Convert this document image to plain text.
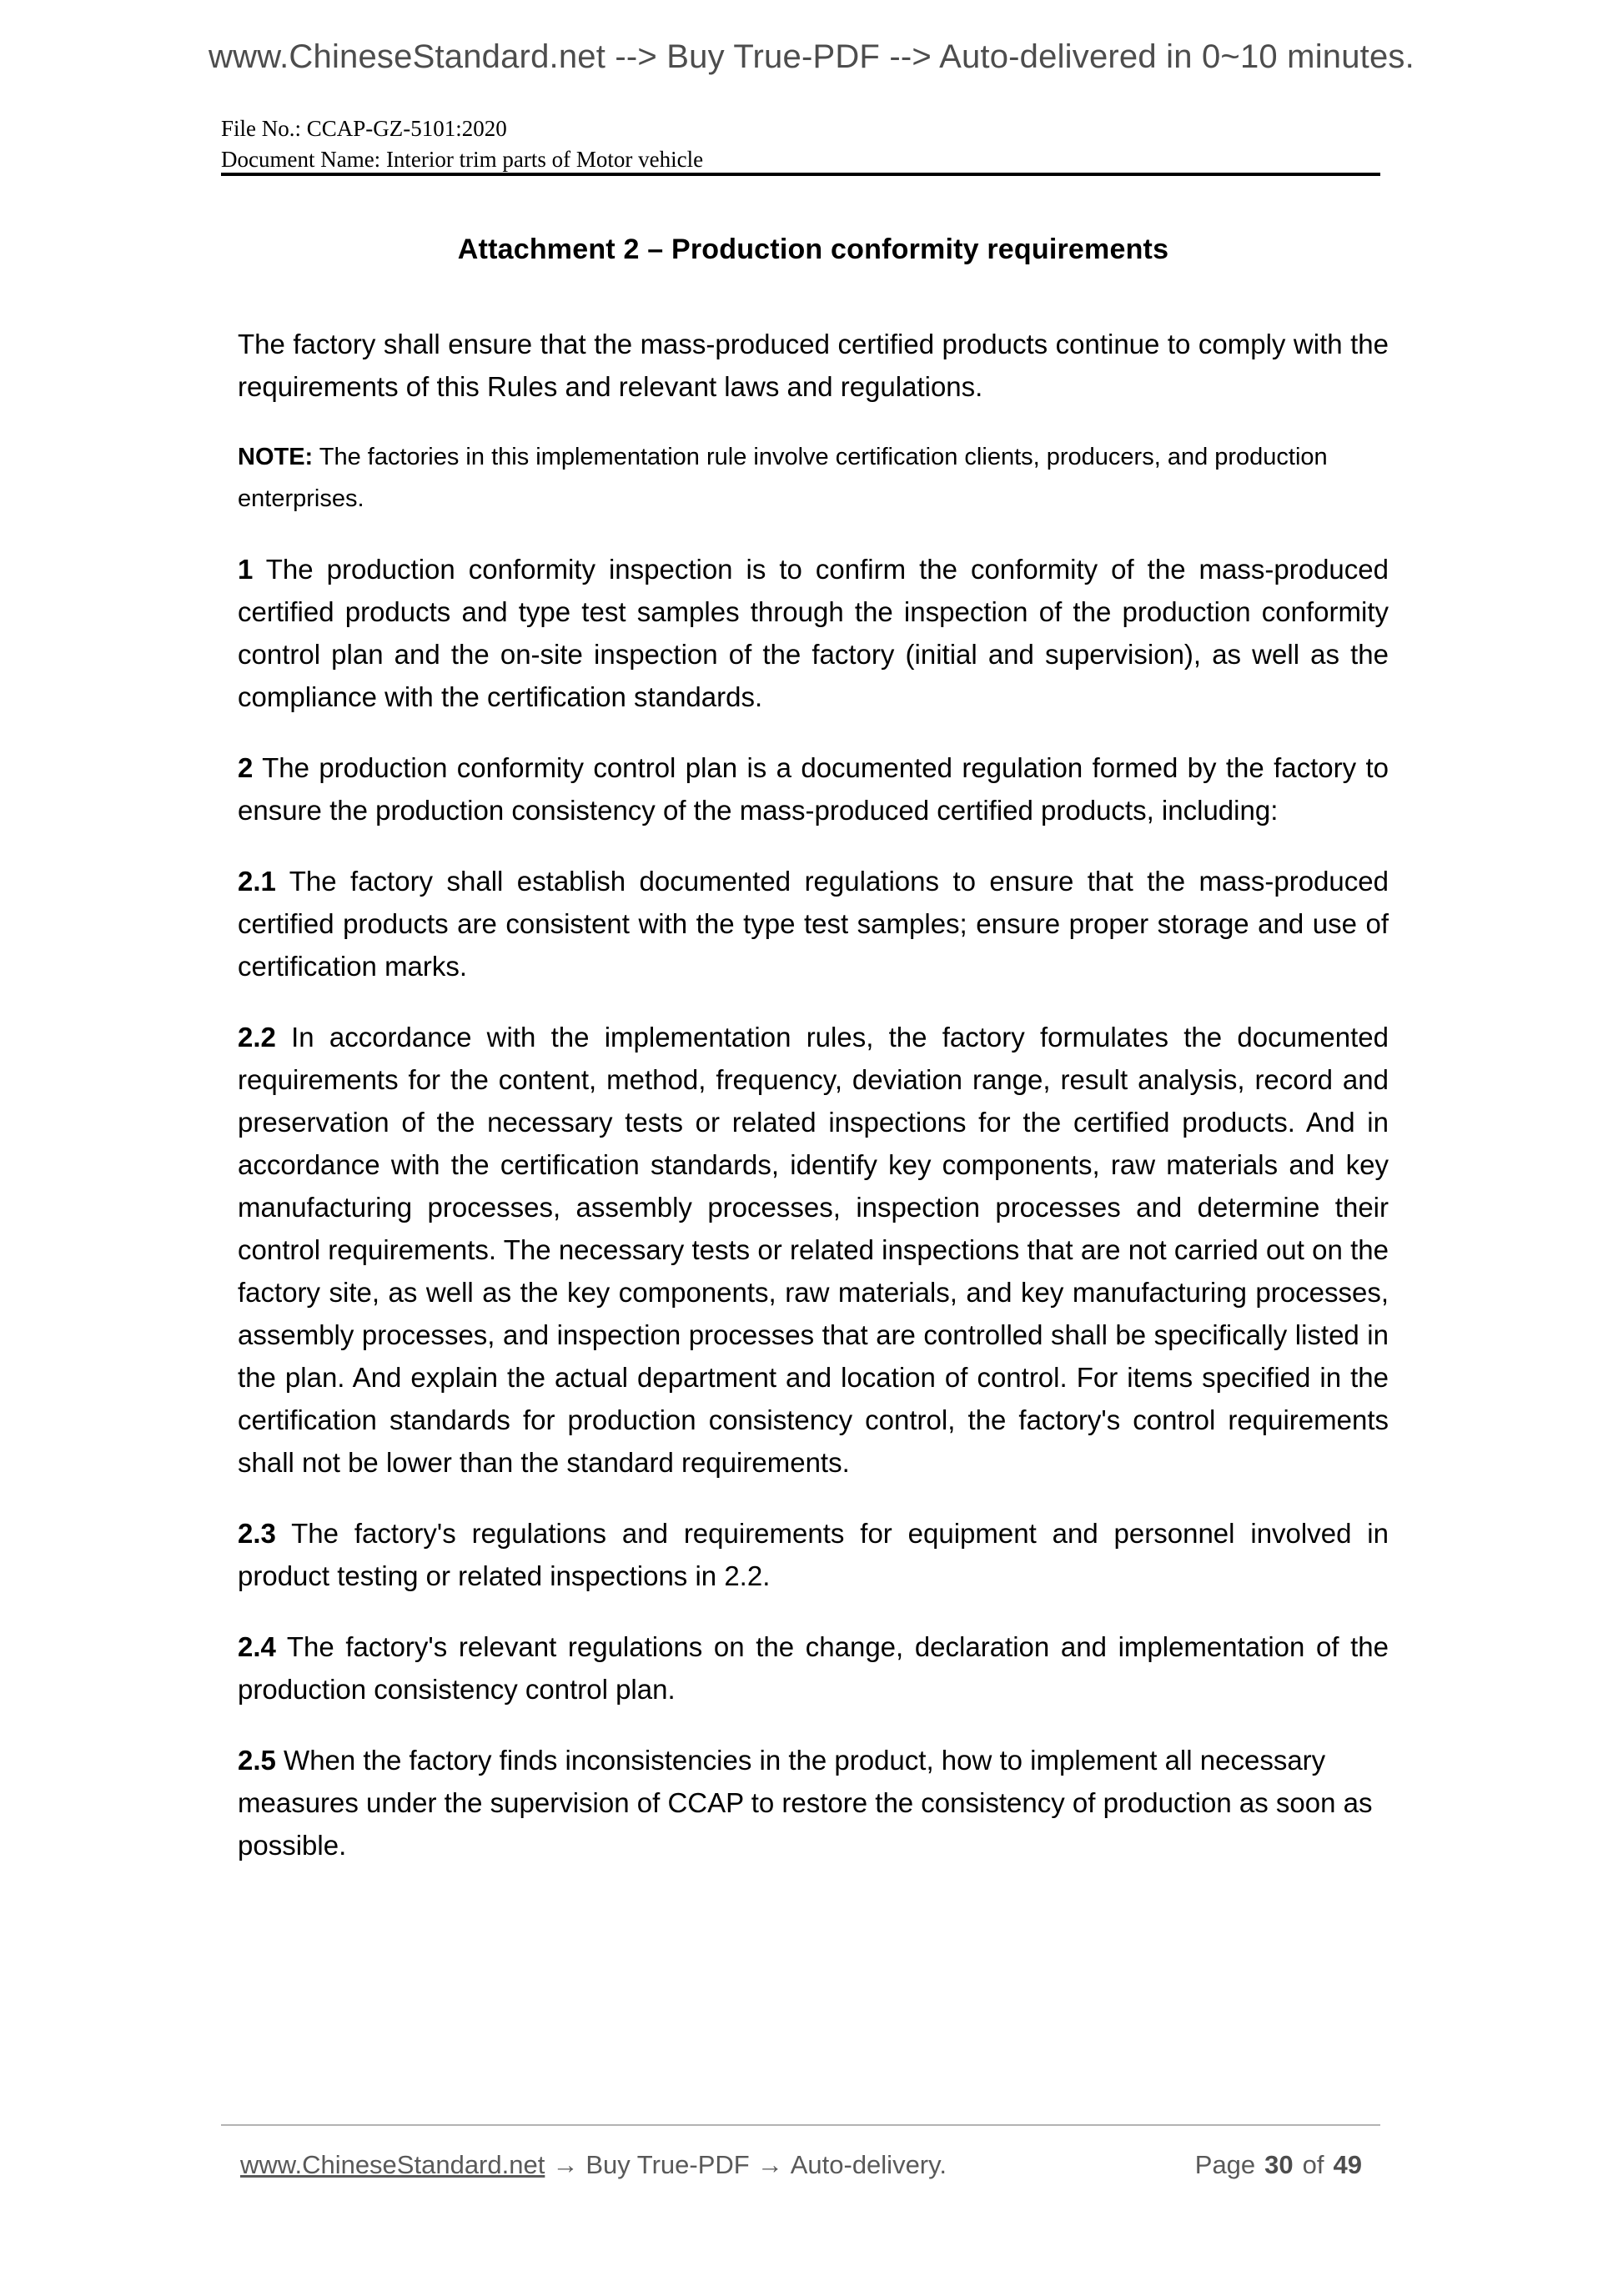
www.ChineseStandard.net --> Buy True-PDF --> Auto-delivered in 0~10 minutes.
File No.: CCAP-GZ-5101:2020
Document Name: Interior trim parts of Motor vehicle
Attachment 2 – Production conformity requirements

The factory shall ensure that the mass-produced certified products continue to comply with the requirements of this Rules and relevant laws and regulations.

NOTE: The factories in this implementation rule involve certification clients, producers, and production enterprises.

1 The production conformity inspection is to confirm the conformity of the mass-produced certified products and type test samples through the inspection of the production conformity control plan and the on-site inspection of the factory (initial and supervision), as well as the compliance with the certification standards.

2 The production conformity control plan is a documented regulation formed by the factory to ensure the production consistency of the mass-produced certified products, including:

2.1 The factory shall establish documented regulations to ensure that the mass-produced certified products are consistent with the type test samples; ensure proper storage and use of certification marks.

2.2 In accordance with the implementation rules, the factory formulates the documented requirements for the content, method, frequency, deviation range, result analysis, record and preservation of the necessary tests or related inspections for the certified products. And in accordance with the certification standards, identify key components, raw materials and key manufacturing processes, assembly processes, inspection processes and determine their control requirements. The necessary tests or related inspections that are not carried out on the factory site, as well as the key components, raw materials, and key manufacturing processes, assembly processes, and inspection processes that are controlled shall be specifically listed in the plan. And explain the actual department and location of control. For items specified in the certification standards for production consistency control, the factory's control requirements shall not be lower than the standard requirements.

2.3 The factory's regulations and requirements for equipment and personnel involved in product testing or related inspections in 2.2.

2.4 The factory's relevant regulations on the change, declaration and implementation of the production consistency control plan.

2.5 When the factory finds inconsistencies in the product, how to implement all necessary measures under the supervision of CCAP to restore the consistency of production as soon as possible.

www.ChineseStandard.net → Buy True-PDF → Auto-delivery.	Page 30 of 49
